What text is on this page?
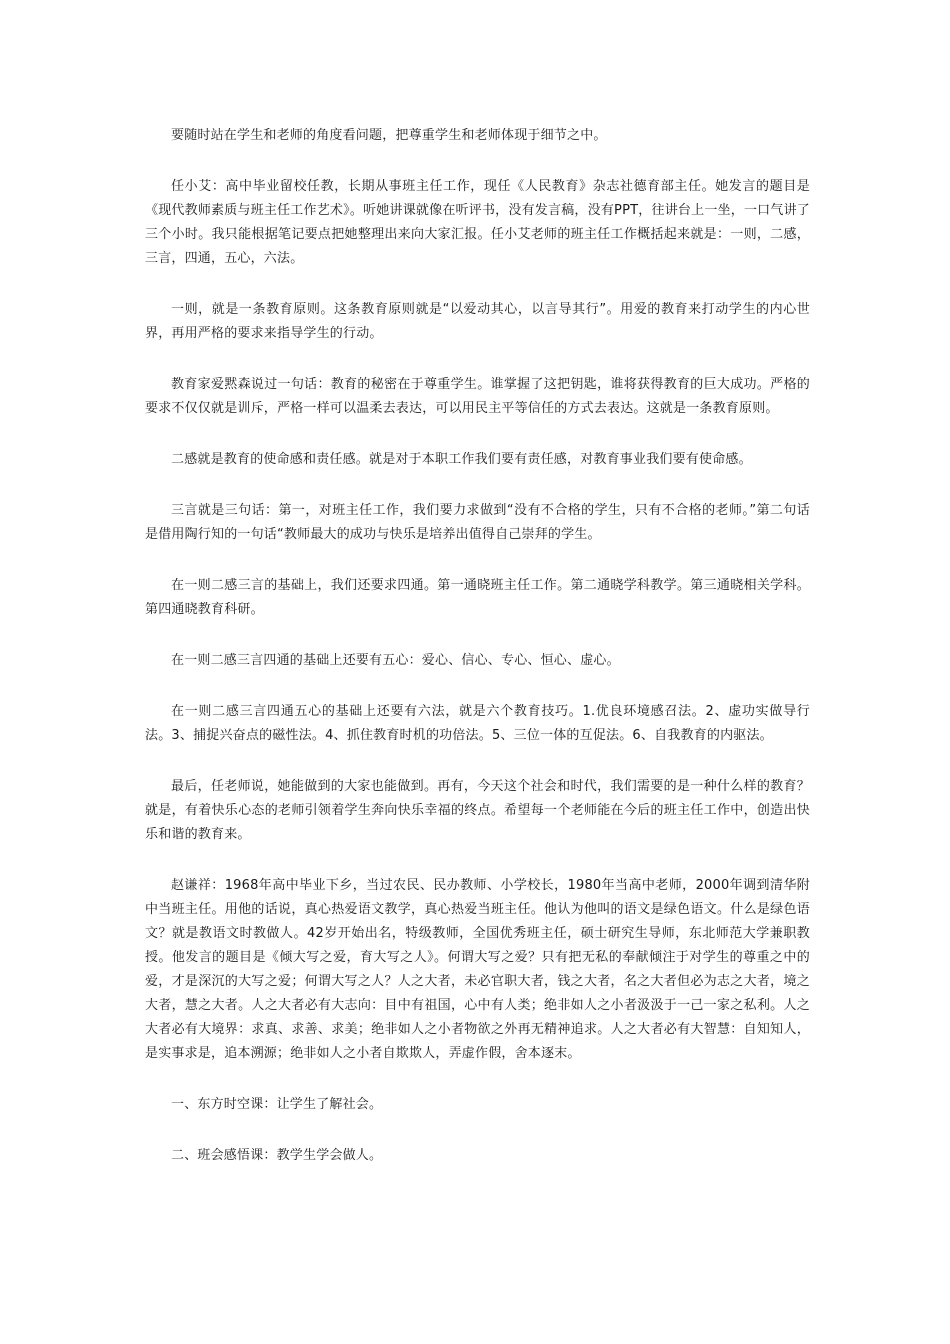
要随时站在学生和老师的角度看问题，把尊重学生和老师体现于细节之中。

任小艾：高中毕业留校任教，长期从事班主任工作，现任《人民教育》杂志社德育部主任。她发言的题目是《现代教师素质与班主任工作艺术》。听她讲课就像在听评书，没有发言稿，没有PPT，往讲台上一坐，一口气讲了三个小时。我只能根据笔记要点把她整理出来向大家汇报。任小艾老师的班主任工作概括起来就是：一则，二感，三言，四通，五心，六法。

一则，就是一条教育原则。这条教育原则就是“以爱动其心，以言导其行”。用爱的教育来打动学生的内心世界，再用严格的要求来指导学生的行动。

教育家爱黙森说过一句话：教育的秘密在于尊重学生。谁掌握了这把钥匙，谁将获得教育的巨大成功。严格的要求不仅仅就是训斥，严格一样可以温柔去表达，可以用民主平等信任的方式去表达。这就是一条教育原则。

二感就是教育的使命感和责任感。就是对于本职工作我们要有责任感，对教育事业我们要有使命感。

三言就是三句话：第一，对班主任工作，我们要力求做到“没有不合格的学生，只有不合格的老师。”第二句话是借用陶行知的一句话“教师最大的成功与快乐是培养出值得自己崇拜的学生。

在一则二感三言的基础上，我们还要求四通。第一通晓班主任工作。第二通晓学科教学。第三通晓相关学科。第四通晓教育科研。

在一则二感三言四通的基础上还要有五心：爱心、信心、专心、恒心、虚心。

在一则二感三言四通五心的基础上还要有六法，就是六个教育技巧。1.优良环境感召法。2、虚功实做导行法。3、捕捉兴奋点的磁性法。4、抓住教育时机的功倍法。5、三位一体的互促法。6、自我教育的内驱法。

最后，任老师说，她能做到的大家也能做到。再有，今天这个社会和时代，我们需要的是一种什么样的教育？就是，有着快乐心态的老师引领着学生奔向快乐幸福的终点。希望每一个老师能在今后的班主任工作中，创造出快乐和谐的教育来。

赵谦祥：1968年高中毕业下乡，当过农民、民办教师、小学校长，1980年当高中老师，2000年调到清华附中当班主任。用他的话说，真心热爱语文教学，真心热爱当班主任。他认为他叫的语文是绿色语文。什么是绿色语文？就是教语文时教做人。42岁开始出名，特级教师，全国优秀班主任，硕士研究生导师，东北师范大学兼职教授。他发言的题目是《倾大写之爱，育大写之人》。何谓大写之爱？只有把无私的奉献倾注于对学生的尊重之中的爱，才是深沉的大写之爱；何谓大写之人？人之大者，未必官职大者，钱之大者，名之大者但必为志之大者，境之大者，慧之大者。人之大者必有大志向：目中有祖国，心中有人类；绝非如人之小者汲汲于一己一家之私利。人之大者必有大境界：求真、求善、求美；绝非如人之小者物欲之外再无精神追求。人之大者必有大智慧：自知知人，是实事求是，追本溯源；绝非如人之小者自欺欺人，弄虚作假，舍本逐末。

一、东方时空课：让学生了解社会。

二、班会感悟课：教学生学会做人。
